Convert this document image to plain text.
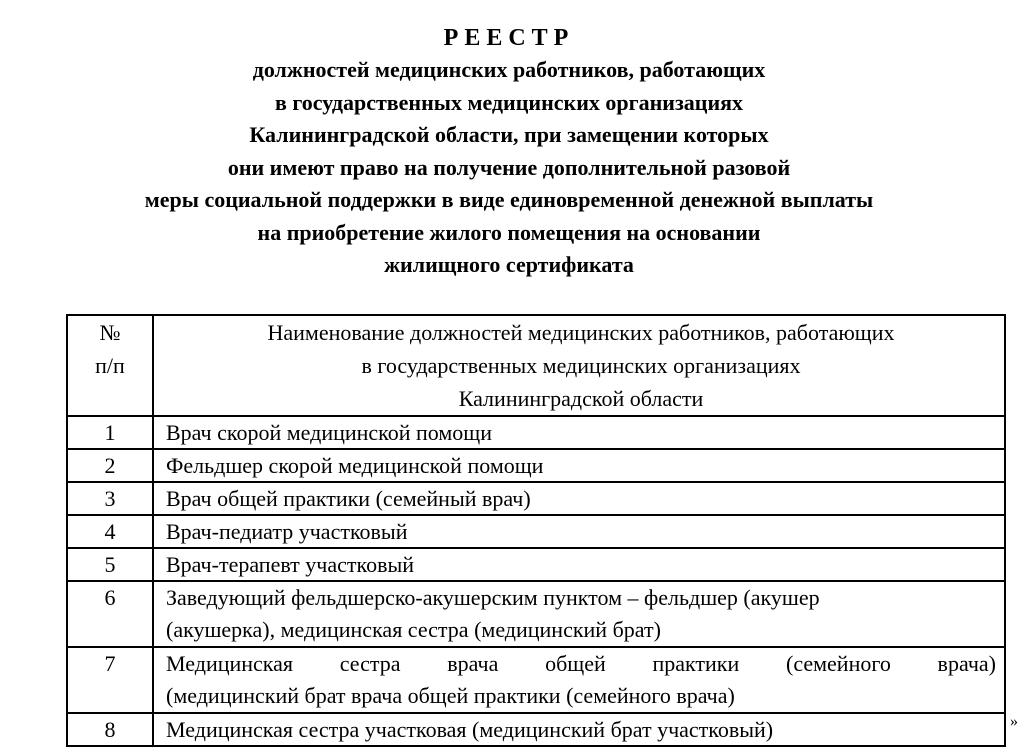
РЕЕСТР
должностей медицинских работников, работающих
в государственных медицинских организациях
Калининградской области, при замещении которых
они имеют право на получение дополнительной разовой
меры социальной поддержки в виде единовременной денежной выплаты
на приобретение жилого помещения на основании
жилищного сертификата
№
п/п	Наименование должностей медицинских работников, работающих
в государственных медицинских организациях
Калининградской области

1	Врач скорой медицинской помощи
2	Фельдшер скорой медицинской помощи
3	Врач общей практики (семейный врач)
4	Врач-педиатр участковый
5	Врач-терапевт участковый
6	Заведующий фельдшерско-акушерским пунктом – фельдшер (акушер
(акушерка), медицинская сестра (медицинский брат)

7	Медицинская сестра врача общей практики (семейного врача)
(медицинский брат врача общей практики (семейного врача)

8	Медицинская сестра участковая (медицинский брат участковый)	»
